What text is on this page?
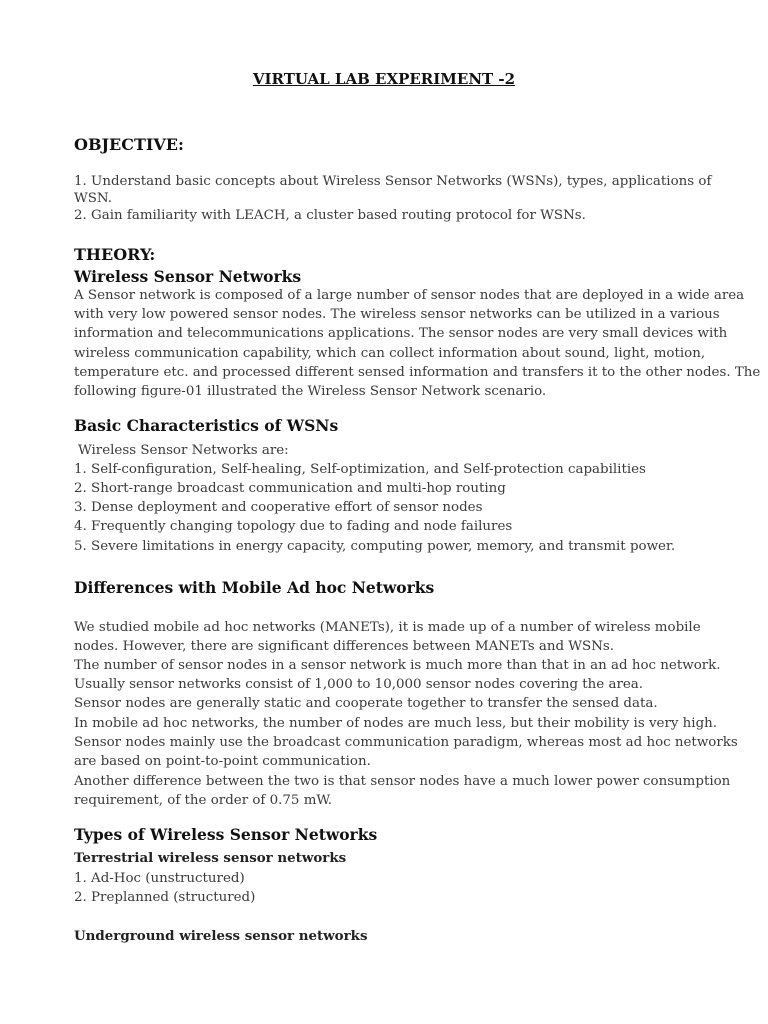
VIRTUAL LAB EXPERIMENT -2
OBJECTIVE:
1. Understand basic concepts about Wireless Sensor Networks (WSNs), types, applications of
WSN.
2. Gain familiarity with LEACH, a cluster based routing protocol for WSNs.
THEORY:
Wireless Sensor Networks
A Sensor network is composed of a large number of sensor nodes that are deployed in a wide area
with very low powered sensor nodes. The wireless sensor networks can be utilized in a various
information and telecommunications applications. The sensor nodes are very small devices with
wireless communication capability, which can collect information about sound, light, motion,
temperature etc. and processed different sensed information and transfers it to the other nodes. The
following figure-01 illustrated the Wireless Sensor Network scenario.
Basic Characteristics of WSNs
Wireless Sensor Networks are:
1. Self-configuration, Self-healing, Self-optimization, and Self-protection capabilities
2. Short-range broadcast communication and multi-hop routing
3. Dense deployment and cooperative effort of sensor nodes
4. Frequently changing topology due to fading and node failures
5. Severe limitations in energy capacity, computing power, memory, and transmit power.
Differences with Mobile Ad hoc Networks
We studied mobile ad hoc networks (MANETs), it is made up of a number of wireless mobile
nodes. However, there are significant differences between MANETs and WSNs.
The number of sensor nodes in a sensor network is much more than that in an ad hoc network.
Usually sensor networks consist of 1,000 to 10,000 sensor nodes covering the area.
Sensor nodes are generally static and cooperate together to transfer the sensed data.
In mobile ad hoc networks, the number of nodes are much less, but their mobility is very high.
Sensor nodes mainly use the broadcast communication paradigm, whereas most ad hoc networks
are based on point-to-point communication.
Another difference between the two is that sensor nodes have a much lower power consumption
requirement, of the order of 0.75 mW.
Types of Wireless Sensor Networks
Terrestrial wireless sensor networks
1. Ad-Hoc (unstructured)
2. Preplanned (structured)
Underground wireless sensor networks
